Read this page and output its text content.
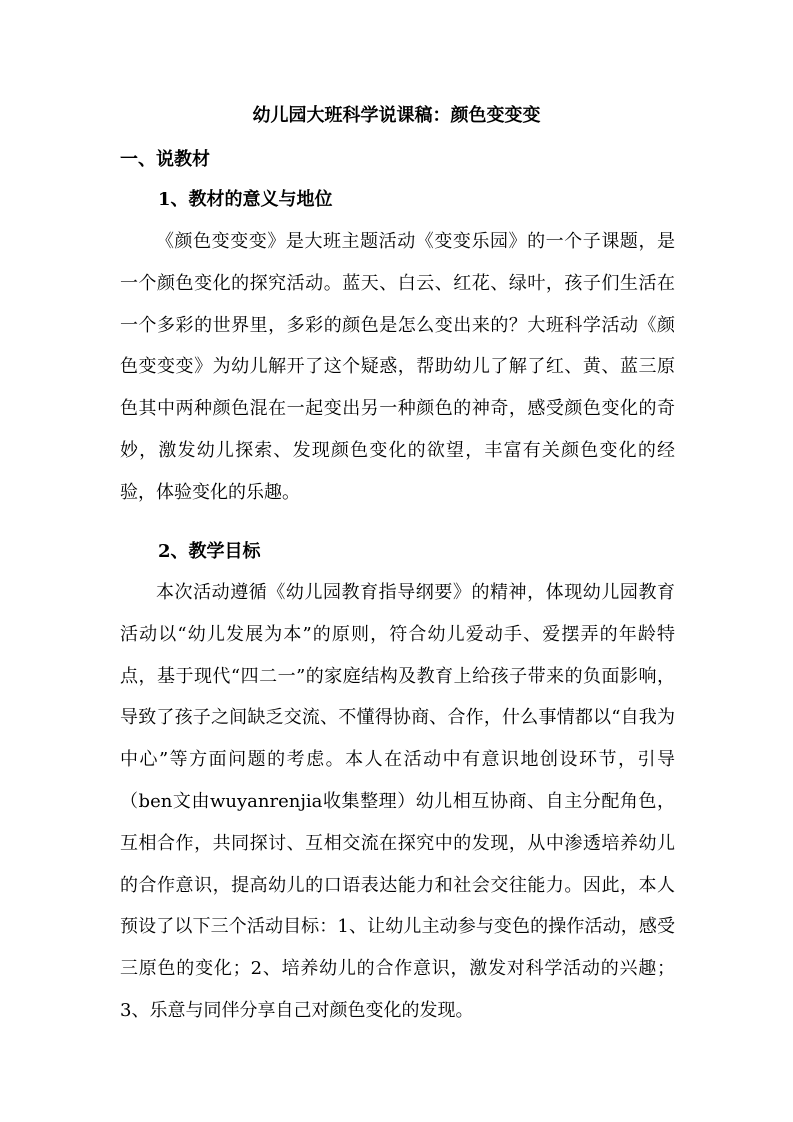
幼儿园大班科学说课稿：颜色变变变
一、说教材
1、教材的意义与地位

《颜色变变变》是大班主题活动《变变乐园》的一个子课题，是一个颜色变化的探究活动。蓝天、白云、红花、绿叶，孩子们生活在一个多彩的世界里，多彩的颜色是怎么变出来的？大班科学活动《颜色变变变》为幼儿解开了这个疑惑，帮助幼儿了解了红、黄、蓝三原色其中两种颜色混在一起变出另一种颜色的神奇，感受颜色变化的奇妙，激发幼儿探索、发现颜色变化的欲望，丰富有关颜色变化的经验，体验变化的乐趣。

2、教学目标

本次活动遵循《幼儿园教育指导纲要》的精神，体现幼儿园教育活动以“幼儿发展为本”的原则，符合幼儿爱动手、爱摆弄的年龄特点，基于现代“四二一”的家庭结构及教育上给孩子带来的负面影响，导致了孩子之间缺乏交流、不懂得协商、合作，什么事情都以“自我为中心”等方面问题的考虑。本人在活动中有意识地创设环节，引导（ben文由wuyanrenjia收集整理）幼儿相互协商、自主分配角色，互相合作，共同探讨、互相交流在探究中的发现，从中渗透培养幼儿的合作意识，提高幼儿的口语表达能力和社会交往能力。因此，本人预设了以下三个活动目标：1、让幼儿主动参与变色的操作活动，感受三原色的变化；2、培养幼儿的合作意识，激发对科学活动的兴趣；3、乐意与同伴分享自己对颜色变化的发现。
